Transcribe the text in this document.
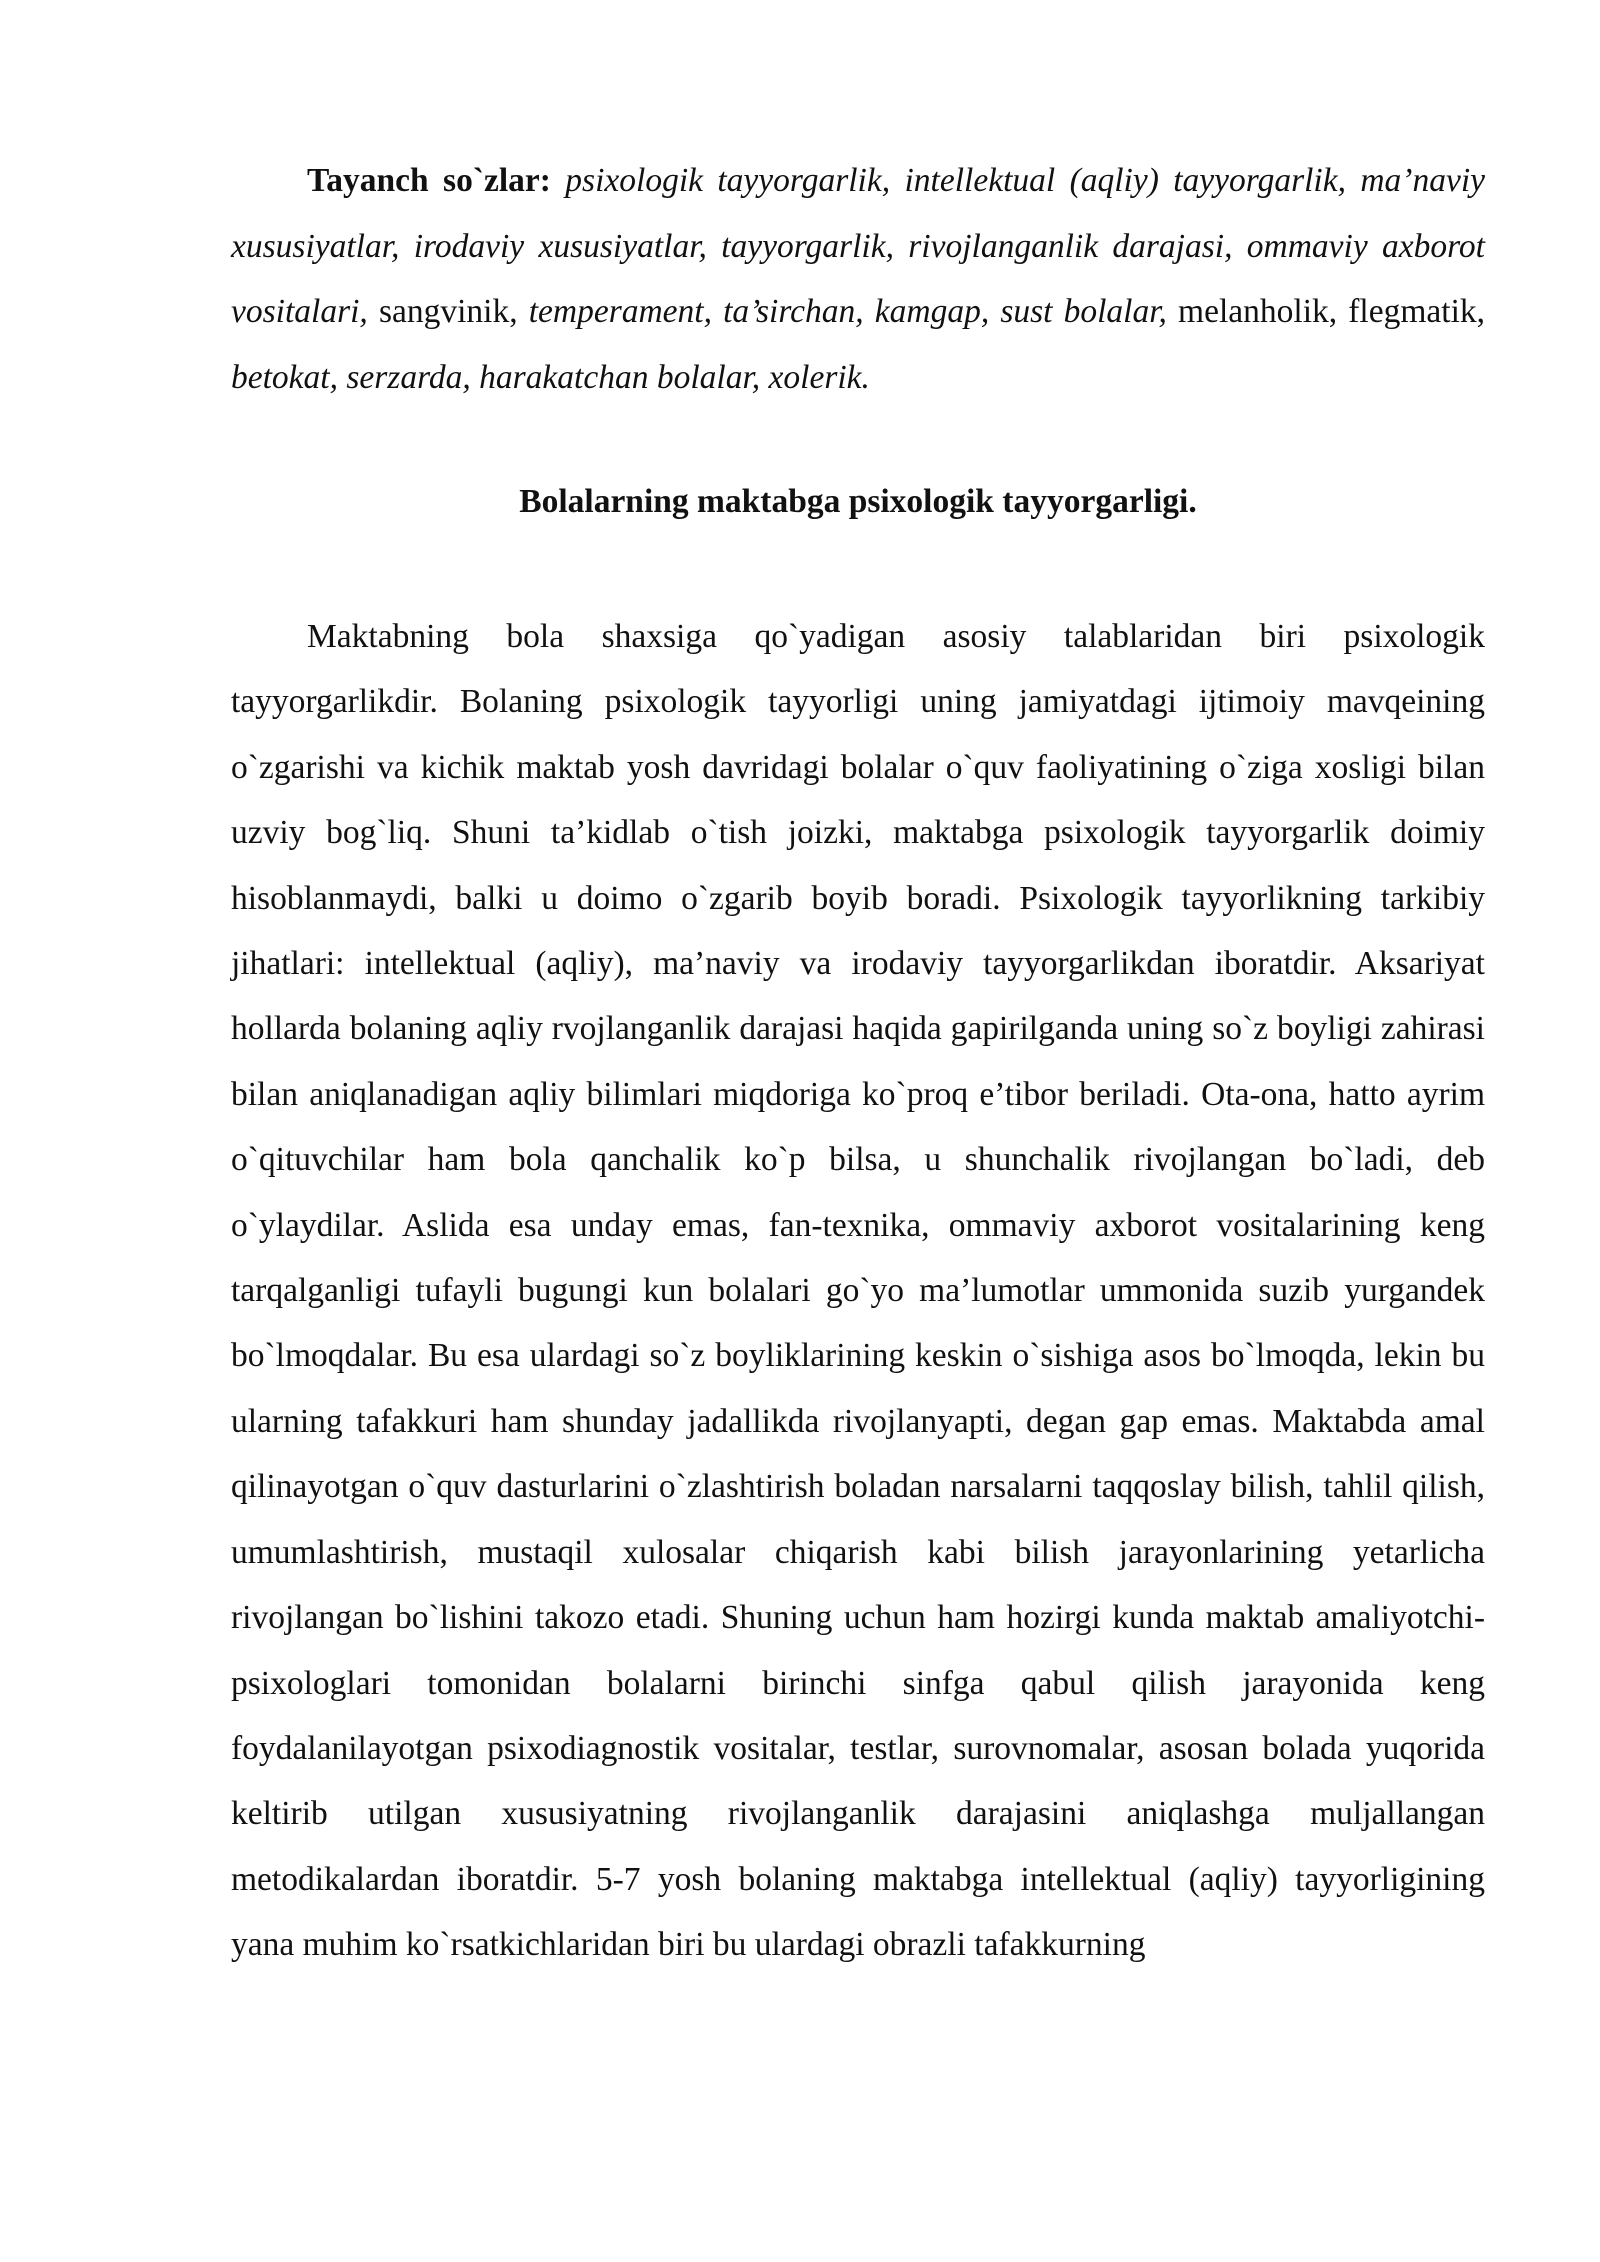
Tayanch so`zlar: psixologik tayyorgarlik, intellektual (aqliy) tayyorgarlik, ma’naviy xususiyatlar, irodaviy xususiyatlar, tayyorgarlik, rivojlanganlik darajasi, ommaviy axborot vositalari, sangvinik, temperament, ta’sirchan, kamgap, sust bolalar, melanholik, flegmatik, betokat, serzarda, harakatchan bolalar, xolerik.

Bolalarning maktabga psixologik tayyorgarligi.

Maktabning bola shaxsiga qo`yadigan asosiy talablaridan biri psixologik tayyorgarlikdir. Bolaning psixologik tayyorligi uning jamiyatdagi ijtimoiy mavqeining o`zgarishi va kichik maktab yosh davridagi bolalar o`quv faoliyatining o`ziga xosligi bilan uzviy bog`liq. Shuni ta’kidlab o`tish joizki, maktabga psixologik tayyorgarlik doimiy hisoblanmaydi, balki u doimo o`zgarib boyib boradi. Psixologik tayyorlikning tarkibiy jihatlari: intellektual (aqliy), ma’naviy va irodaviy tayyorgarlikdan iboratdir. Aksariyat hollarda bolaning aqliy rvojlanganlik darajasi haqida gapirilganda uning so`z boyligi zahirasi bilan aniqlanadigan aqliy bilimlari miqdoriga ko`proq e’tibor beriladi. Ota-ona, hatto ayrim o`qituvchilar ham bola qanchalik ko`p bilsa, u shunchalik rivojlangan bo`ladi, deb o`ylaydilar. Aslida esa unday emas, fan-texnika, ommaviy axborot vositalarining keng tarqalganligi tufayli bugungi kun bolalari go`yo ma’lumotlar ummonida suzib yurgandek bo`lmoqdalar. Bu esa ulardagi so`z boyliklarining keskin o`sishiga asos bo`lmoqda, lekin bu ularning tafakkuri ham shunday jadallikda rivojlanyapti, degan gap emas. Maktabda amal qilinayotgan o`quv dasturlarini o`zlashtirish boladan narsalarni taqqoslay bilish, tahlil qilish, umumlashtirish, mustaqil xulosalar chiqarish kabi bilish jarayonlarining yetarlicha rivojlangan bo`lishini takozo etadi. Shuning uchun ham hozirgi kunda maktab amaliyotchi-psixologlari tomonidan bolalarni birinchi sinfga qabul qilish jarayonida keng foydalanilayotgan psixodiagnostik vositalar, testlar, surovnomalar, asosan bolada yuqorida keltirib utilgan xususiyatning rivojlanganlik darajasini aniqlashga muljallangan metodikalardan iboratdir. 5-7 yosh bolaning maktabga intellektual (aqliy) tayyorligining yana muhim ko`rsatkichlaridan biri bu ulardagi obrazli tafakkurning
